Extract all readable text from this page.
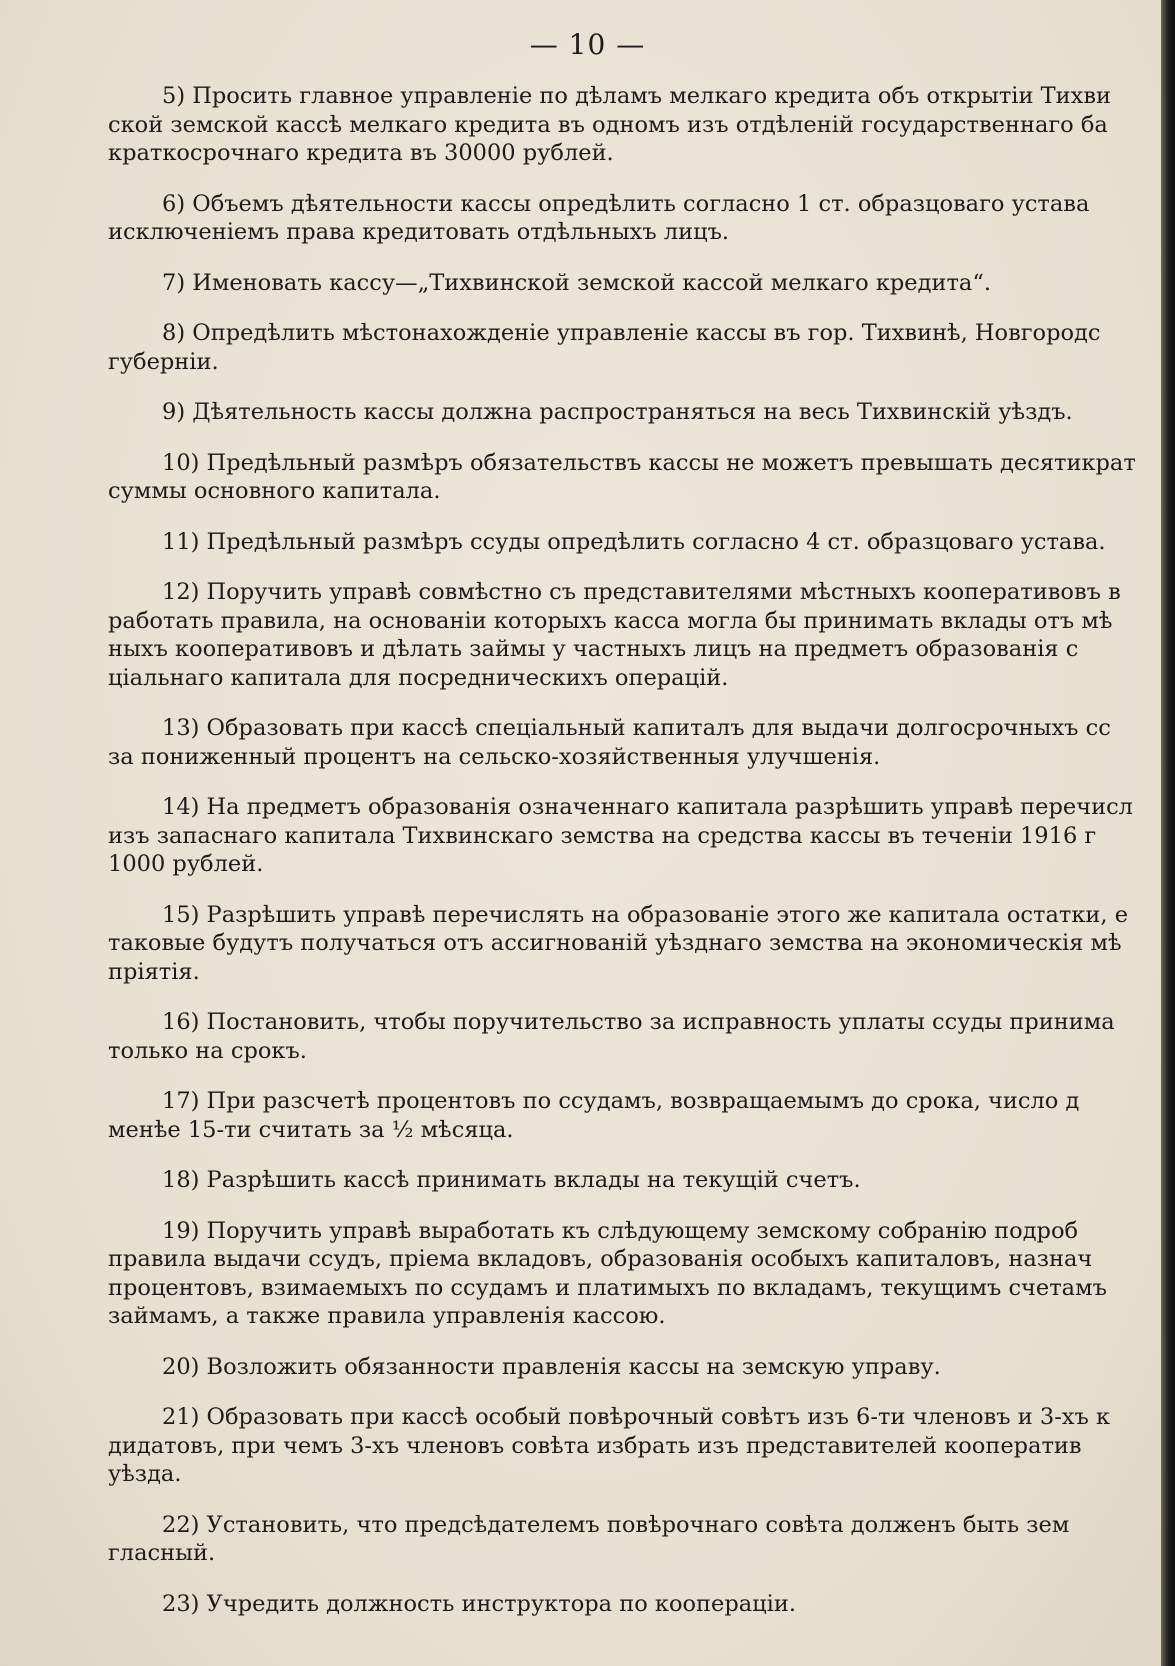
— 10 —

5) Просить главное управленіе по дѣламъ мелкаго кредита объ открытіи Тихви
ской земской кассѣ мелкаго кредита въ одномъ изъ отдѣленій государственнаго ба
краткосрочнаго кредита въ 30000 рублей.
6) Объемъ дѣятельности кассы опредѣлить согласно 1 ст. образцоваго устава
исключеніемъ права кредитовать отдѣльныхъ лицъ.
7) Именовать кассу—„Тихвинской земской кассой мелкаго кредита“.
8) Опредѣлить мѣстонахожденіе управленіе кассы въ гор. Тихвинѣ, Новгородс
губерніи.
9) Дѣятельность кассы должна распространяться на весь Тихвинскій уѣздъ.
10) Предѣльный размѣръ обязательствъ кассы не можетъ превышать десятикрат
суммы основного капитала.
11) Предѣльный размѣръ ссуды опредѣлить согласно 4 ст. образцоваго устава.
12) Поручить управѣ совмѣстно съ представителями мѣстныхъ кооперативовъ в
работать правила, на основаніи которыхъ касса могла бы принимать вклады отъ мѣ
ныхъ кооперативовъ и дѣлать займы у частныхъ лицъ на предметъ образованія с
ціальнаго капитала для посредническихъ операцій.
13) Образовать при кассѣ спеціальный капиталъ для выдачи долгосрочныхъ сс
за пониженный процентъ на сельско-хозяйственныя улучшенія.
14) На предметъ образованія означеннаго капитала разрѣшить управѣ перечисл
изъ запаснаго капитала Тихвинскаго земства на средства кассы въ теченіи 1916 г
1000 рублей.
15) Разрѣшить управѣ перечислять на образованіе этого же капитала остатки, е
таковые будутъ получаться отъ ассигнованій уѣзднаго земства на экономическія мѣ
пріятія.
16) Постановить, чтобы поручительство за исправность уплаты ссуды принима
только на срокъ.
17) При разсчетѣ процентовъ по ссудамъ, возвращаемымъ до срока, число д
менѣе 15-ти считать за ½ мѣсяца.
18) Разрѣшить кассѣ принимать вклады на текущій счетъ.
19) Поручить управѣ выработать къ слѣдующему земскому собранію подроб
правила выдачи ссудъ, пріема вкладовъ, образованія особыхъ капиталовъ, назнач
процентовъ, взимаемыхъ по ссудамъ и платимыхъ по вкладамъ, текущимъ счетамъ
займамъ, а также правила управленія кассою.
20) Возложить обязанности правленія кассы на земскую управу.
21) Образовать при кассѣ особый повѣрочный совѣтъ изъ 6-ти членовъ и 3-хъ к
дидатовъ, при чемъ 3-хъ членовъ совѣта избрать изъ представителей кооператив
уѣзда.
22) Установить, что предсѣдателемъ повѣрочнаго совѣта долженъ быть зем
гласный.
23) Учредить должность инструктора по коопераціи.
